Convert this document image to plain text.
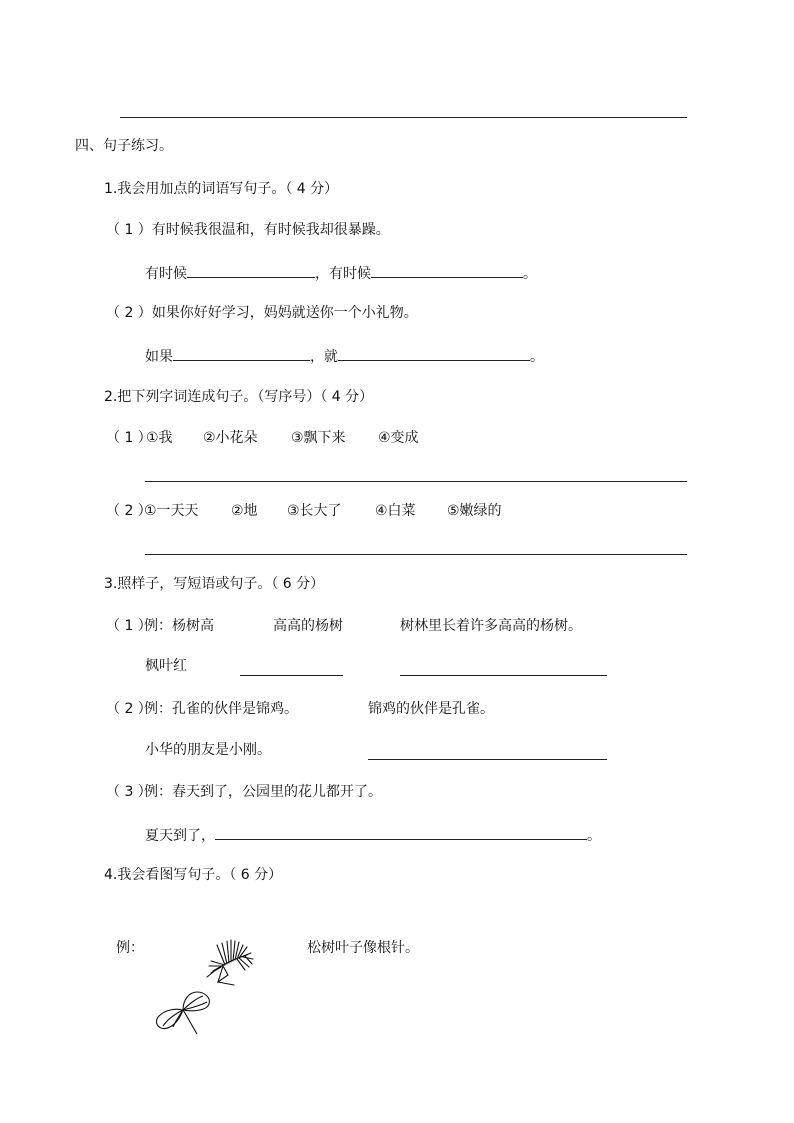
四、句子练习。
1.我会用加点的词语写句子。（ 4 分）
（ 1 ）有时候我很温和，有时候我却很暴躁。
有时候	，有时候	。
（ 2 ）如果你好好学习，妈妈就送你一个小礼物。
如果	，就	。
2.把下列字词连成句子。（写序号）（ 4 分）
（ 1 ）①我 ②小花朵 ③飘下来 ④变成
（ 2 ）①一天天 ②地 ③长大了 ④白菜 ⑤嫩绿的
3.照样子，写短语或句子。（ 6 分）
（ 1 ）例：杨树高	高高的杨树	树林里长着许多高高的杨树。
枫叶红
（ 2 ）例：孔雀的伙伴是锦鸡。	锦鸡的伙伴是孔雀。
小华的朋友是小刚。
（ 3 ）例：春天到了，公园里的花儿都开了。
夏天到了，	。
4.我会看图写句子。（ 6 分）
例：	松树叶子像根针。
